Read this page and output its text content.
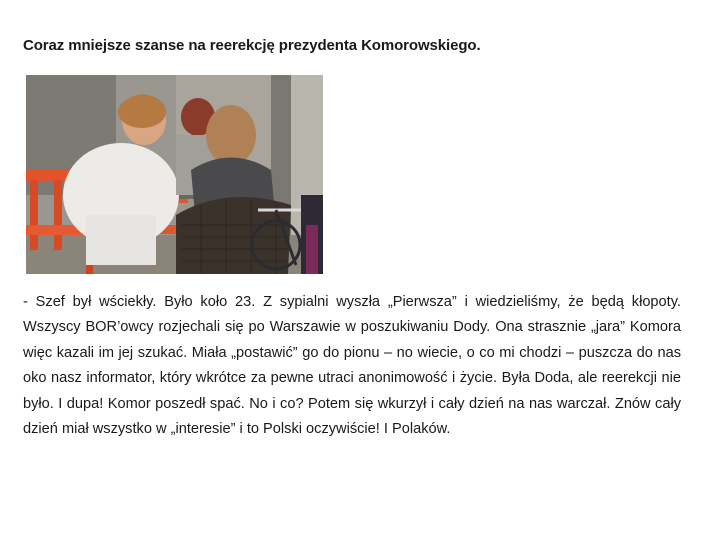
Coraz mniejsze szanse na reerekcję prezydenta Komorowskiego.

- Szef był wściekły. Było koło 23. Z sypialni wyszła „Pierwsza” i wiedzieliśmy, że będą kłopoty. Wszyscy BOR’owcy rozjechali się po Warszawie w poszukiwaniu Dody. Ona strasznie „jara” Komora więc kazali im jej szukać. Miała „postawić” go do pionu – no wiecie, o co mi chodzi – puszcza do nas oko nasz informator, który wkrótce za pewne utraci anonimowość i życie. Była Doda, ale reerekcji nie było. I dupa! Komor poszedł spać. No i co? Potem się wkurzył i cały dzień na nas warczał. Znów cały dzień miał wszystko w „interesie” i to Polski oczywiście! I Polaków.
